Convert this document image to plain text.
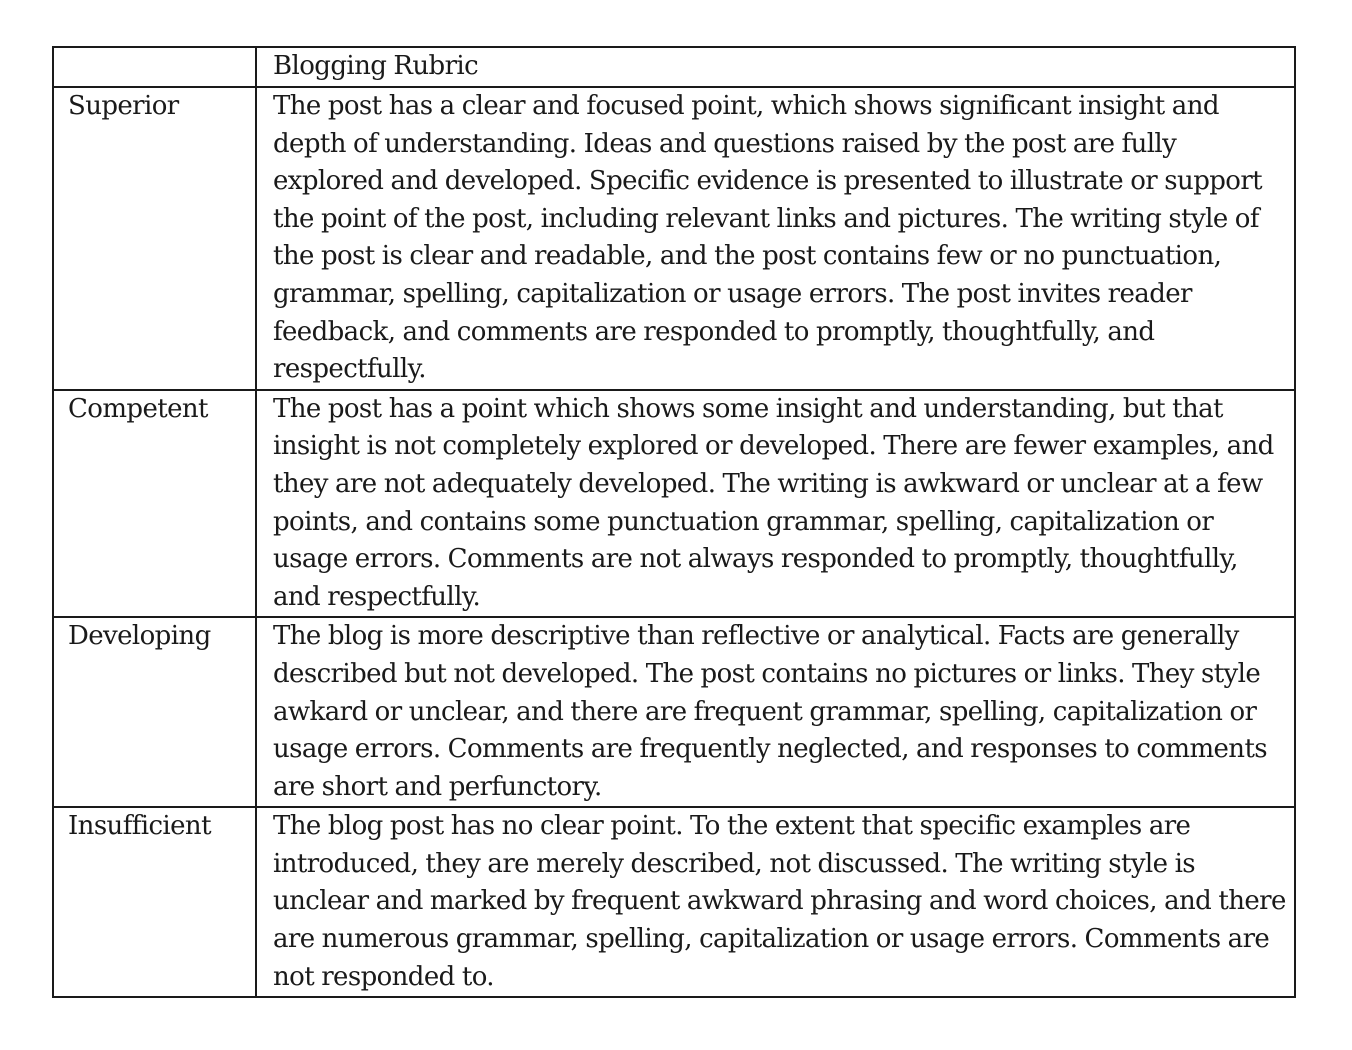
	Blogging Rubric
Superior	The post has a clear and focused point, which shows significant insight and depth of understanding. Ideas and questions raised by the post are fully explored and developed. Specific evidence is presented to illustrate or support the point of the post, including relevant links and pictures. The writing style of the post is clear and readable, and the post contains few or no punctuation, grammar, spelling, capitalization or usage errors. The post invites reader feedback, and comments are responded to promptly, thoughtfully, and respectfully.
Competent	The post has a point which shows some insight and understanding, but that insight is not completely explored or developed. There are fewer examples, and they are not adequately developed. The writing is awkward or unclear at a few points, and contains some punctuation grammar, spelling, capitalization or usage errors. Comments are not always responded to promptly, thoughtfully, and respectfully.
Developing	The blog is more descriptive than reflective or analytical. Facts are generally described but not developed. The post contains no pictures or links. They style awkard or unclear, and there are frequent grammar, spelling, capitalization or usage errors. Comments are frequently neglected, and responses to comments are short and perfunctory.
Insufficient	The blog post has no clear point. To the extent that specific examples are introduced, they are merely described, not discussed. The writing style is unclear and marked by frequent awkward phrasing and word choices, and there are numerous grammar, spelling, capitalization or usage errors. Comments are not responded to.
